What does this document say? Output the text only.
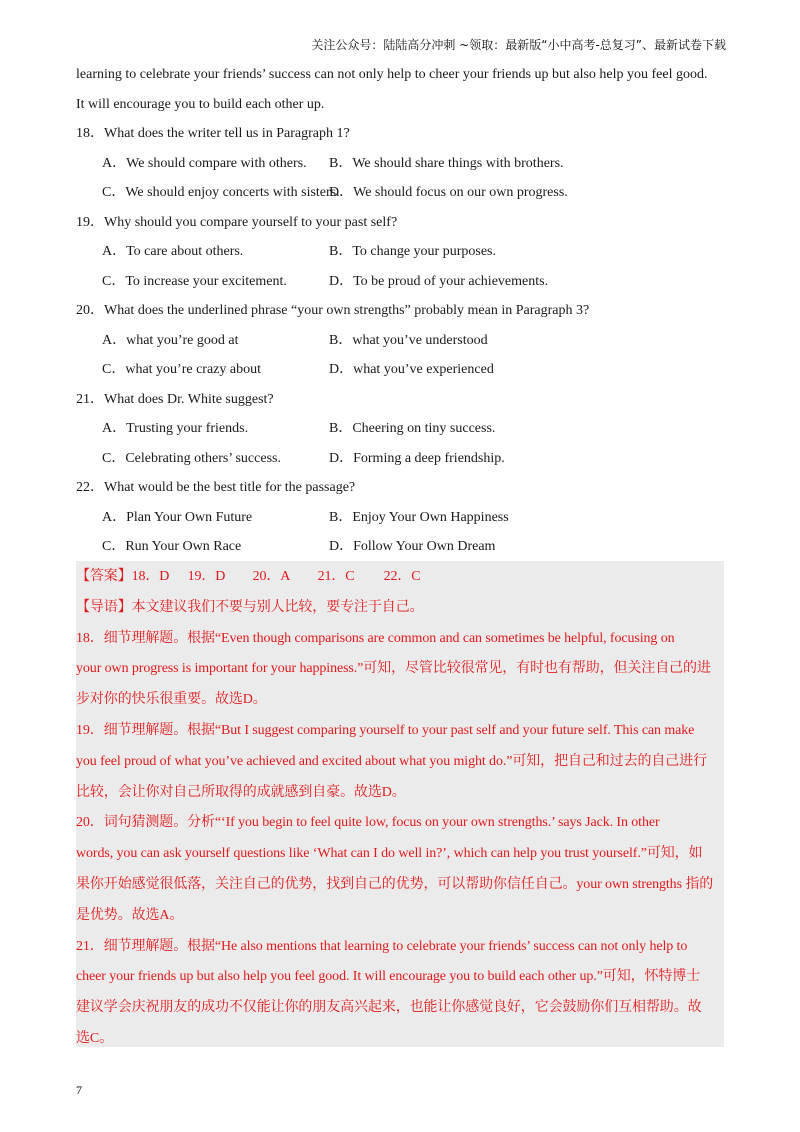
关注公众号：陆陆高分冲刺 ~领取：最新版“小中高考-总复习”、最新试卷下载
learning to celebrate your friends’ success can not only help to cheer your friends up but also help you feel good.
It will encourage you to build each other up.
18．What does the writer tell us in Paragraph 1?
A．We should compare with others.	B．We should share things with brothers.
C．We should enjoy concerts with sisters.
D．We should focus on our own progress.
19．Why should you compare yourself to your past self?
A．To care about others.	B．To change your purposes.
C．To increase your excitement.	D．To be proud of your achievements.
20．What does the underlined phrase “your own strengths” probably mean in Paragraph 3?
A．what you’re good at	B．what you’ve understood
C．what you’re crazy about	D．what you’ve experienced
21．What does Dr. White suggest?
A．Trusting your friends.	B．Cheering on tiny success.
C．Celebrating others’ success.	D．Forming a deep friendship.
22．What would be the best title for the passage?
A．Plan Your Own Future	B．Enjoy Your Own Happiness
C．Run Your Own Race	D．Follow Your Own Dream
【答案】 18．D	19．D	20．A	21．C	22．C
【导语】本文建议我们不要与别人比较，要专注于自己。
18．细节理解题。根据“Even though comparisons are common and can sometimes be helpful, focusing on
your own progress is important for your happiness.”可知，尽管比较很常见，有时也有帮助，但关注自己的进
步对你的快乐很重要。故选D。
19．细节理解题。根据“But I suggest comparing yourself to your past self and your future self. This can make
you feel proud of what you’ve achieved and excited about what you might do.”可知，把自己和过去的自己进行
比较，会让你对自己所取得的成就感到自豪。故选D。
20．词句猜测题。分析“‘If you begin to feel quite low, focus on your own strengths.’ says Jack. In other
words, you can ask yourself questions like ‘What can I do well in?’, which can help you trust yourself.”可知，如
果你开始感觉很低落，关注自己的优势，找到自己的优势，可以帮助你信任自己。your own strengths 指的
是优势。故选A。
21．细节理解题。根据“He also mentions that learning to celebrate your friends’ success can not only help to
cheer your friends up but also help you feel good. It will encourage you to build each other up.”可知，怀特博士
建议学会庆祝朋友的成功不仅能让你的朋友高兴起来，也能让你感觉良好，它会鼓励你们互相帮助。故
选C。
7
